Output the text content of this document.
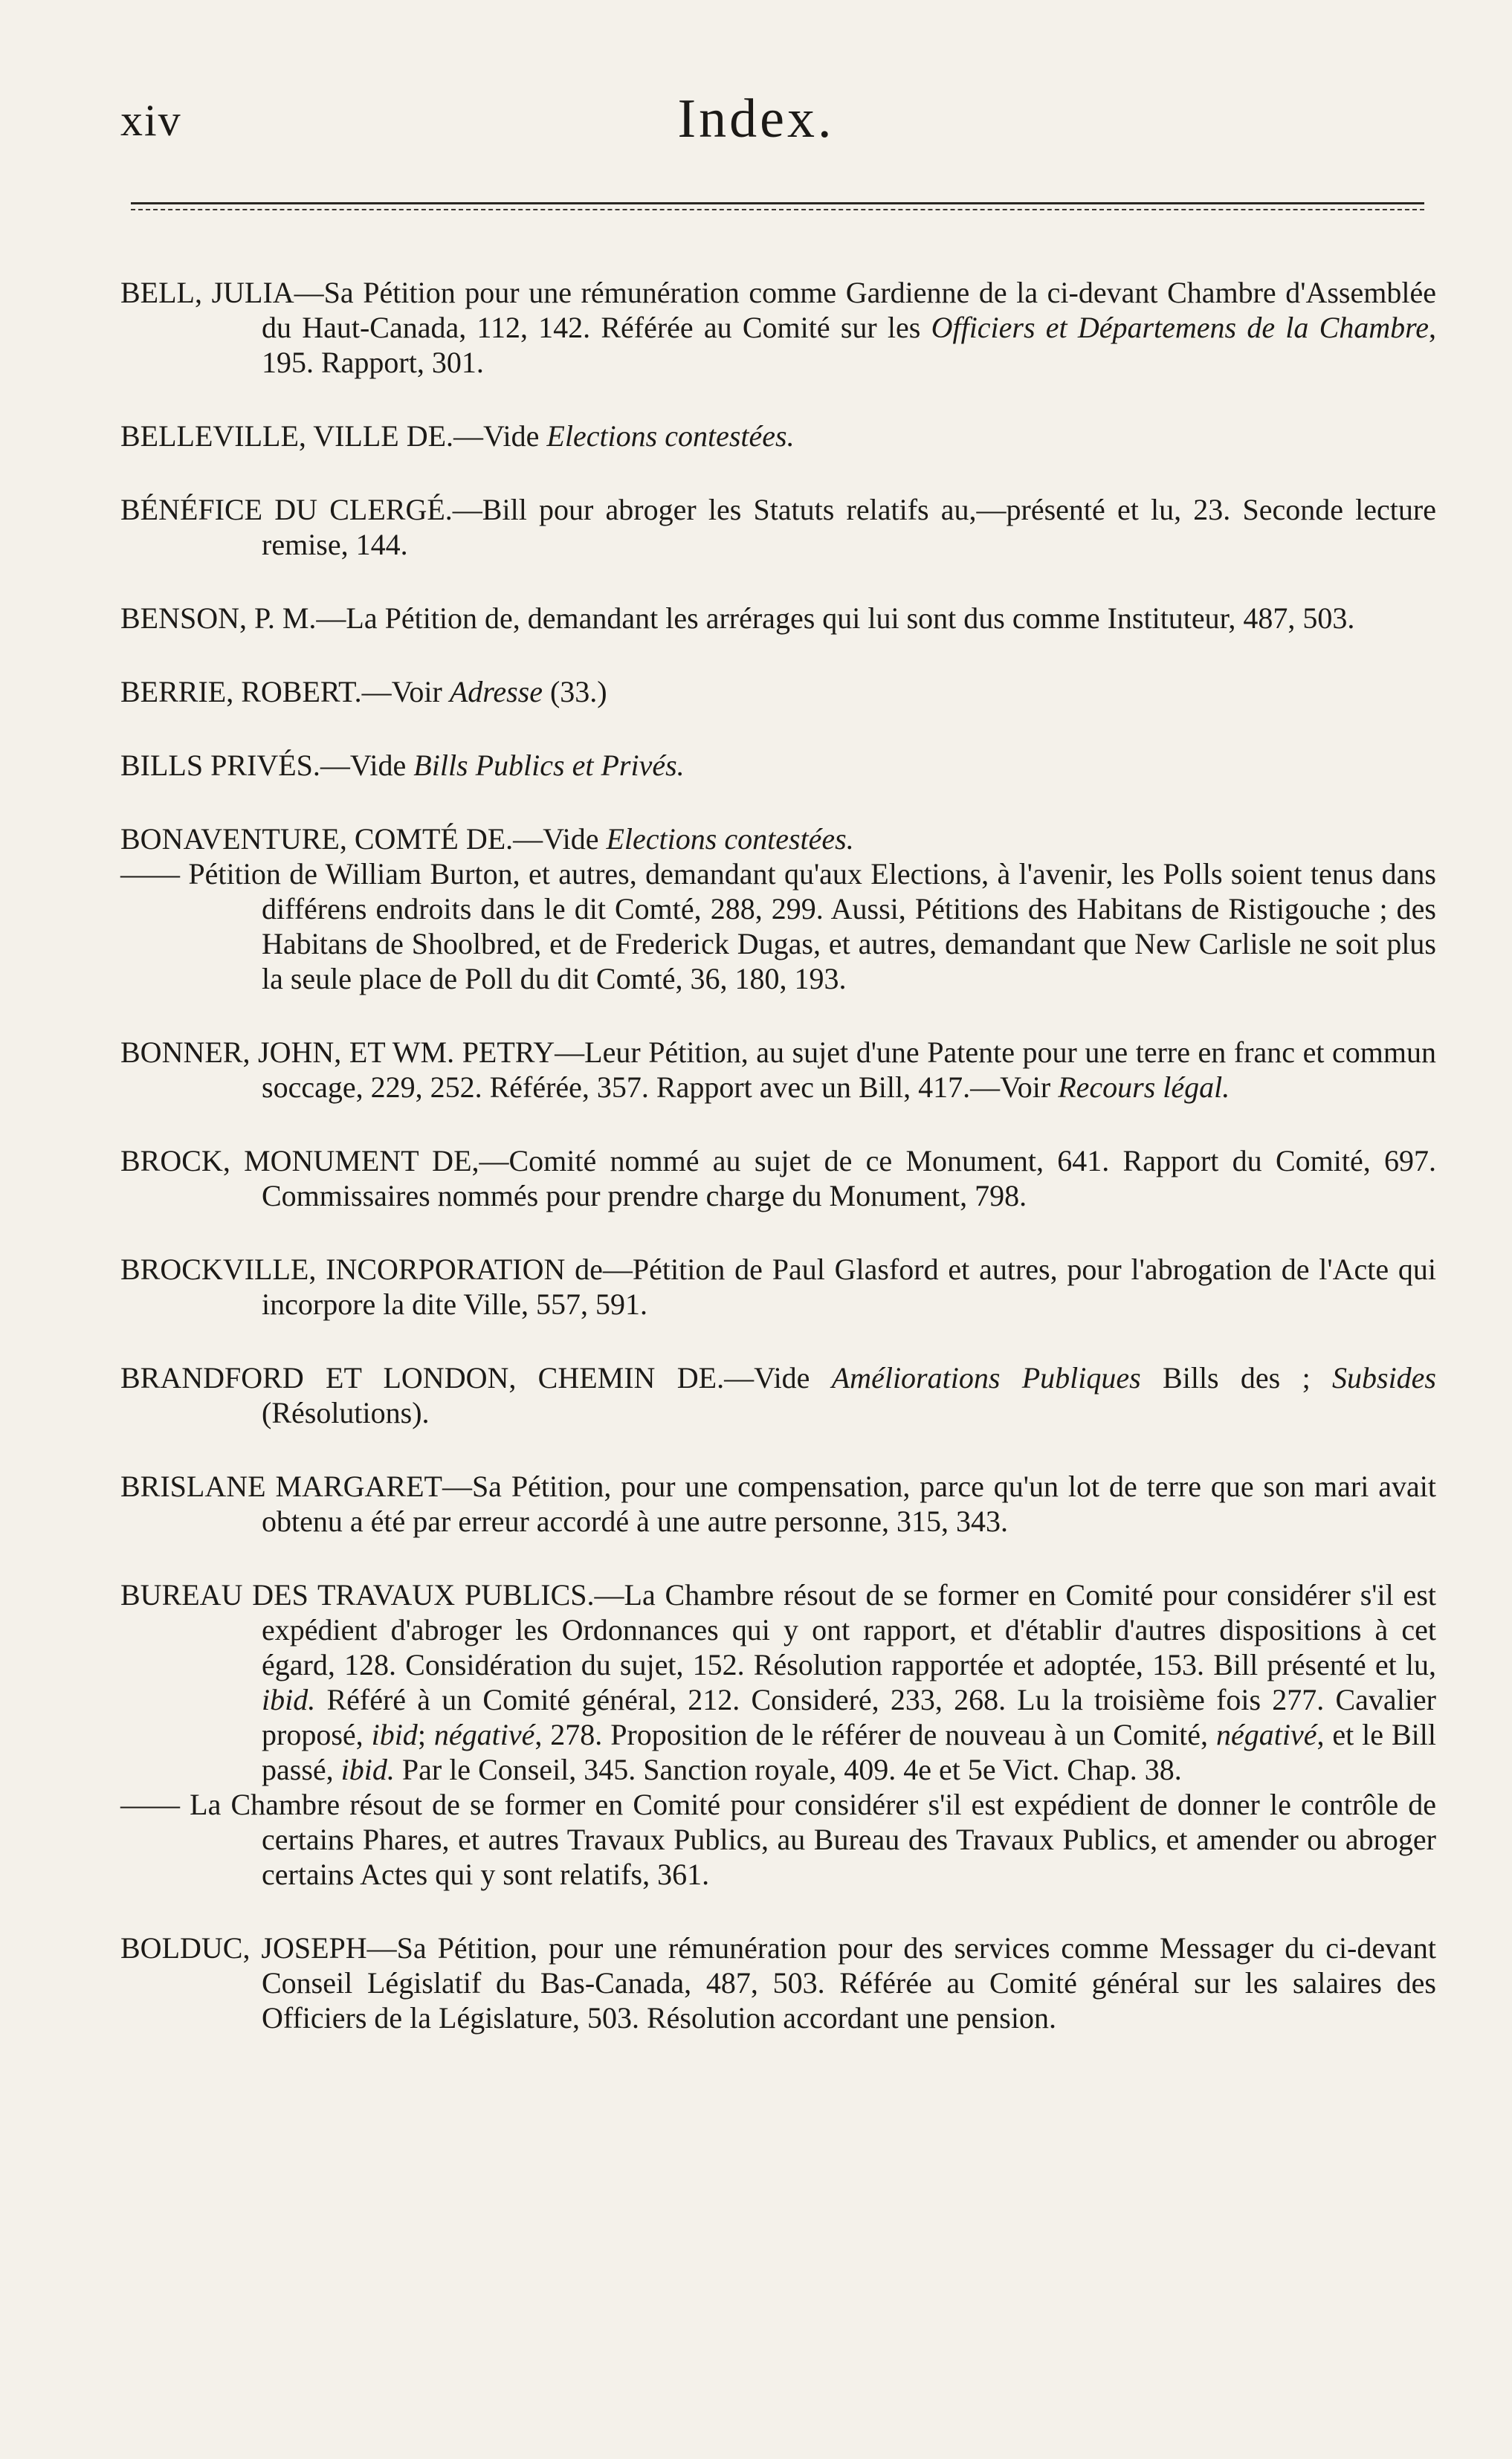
xiv	Index.

BELL, JULIA—Sa Pétition pour une rémunération comme Gardienne de la ci-devant Chambre d'Assemblée du Haut-Canada, 112, 142. Référée au Comité sur les Officiers et Départemens de la Chambre, 195. Rapport, 301.

BELLEVILLE, VILLE DE.—Vide Elections contestées.

BÉNÉFICE DU CLERGÉ.—Bill pour abroger les Statuts relatifs au,—présenté et lu, 23. Seconde lecture remise, 144.

BENSON, P. M.—La Pétition de, demandant les arrérages qui lui sont dus comme Instituteur, 487, 503.

BERRIE, ROBERT.—Voir Adresse (33.)

BILLS PRIVÉS.—Vide Bills Publics et Privés.

BONAVENTURE, COMTÉ DE.—Vide Elections contestées.

—— Pétition de William Burton, et autres, demandant qu'aux Elections, à l'avenir, les Polls soient tenus dans différens endroits dans le dit Comté, 288, 299. Aussi, Pétitions des Habitans de Ristigouche ; des Habitans de Shoolbred, et de Frederick Dugas, et autres, demandant que New Carlisle ne soit plus la seule place de Poll du dit Comté, 36, 180, 193.

BONNER, JOHN, ET WM. PETRY—Leur Pétition, au sujet d'une Patente pour une terre en franc et commun soccage, 229, 252. Référée, 357. Rapport avec un Bill, 417.—Voir Recours légal.

BROCK, MONUMENT DE,—Comité nommé au sujet de ce Monument, 641. Rapport du Comité, 697. Commissaires nommés pour prendre charge du Monument, 798.

BROCKVILLE, INCORPORATION de—Pétition de Paul Glasford et autres, pour l'abrogation de l'Acte qui incorpore la dite Ville, 557, 591.

BRANDFORD ET LONDON, CHEMIN DE.—Vide Améliorations Publiques Bills des ; Subsides (Résolutions).

BRISLANE MARGARET—Sa Pétition, pour une compensation, parce qu'un lot de terre que son mari avait obtenu a été par erreur accordé à une autre personne, 315, 343.

BUREAU DES TRAVAUX PUBLICS.—La Chambre résout de se former en Comité pour considérer s'il est expédient d'abroger les Ordonnances qui y ont rapport, et d'établir d'autres dispositions à cet égard, 128. Considération du sujet, 152. Résolution rapportée et adoptée, 153. Bill présenté et lu, ibid. Référé à un Comité général, 212. Consideré, 233, 268. Lu la troisième fois 277. Cavalier proposé, ibid; négativé, 278. Proposition de le référer de nouveau à un Comité, négativé, et le Bill passé, ibid. Par le Conseil, 345. Sanction royale, 409. 4e et 5e Vict. Chap. 38.

—— La Chambre résout de se former en Comité pour considérer s'il est expédient de donner le contrôle de certains Phares, et autres Travaux Publics, au Bureau des Travaux Publics, et amender ou abroger certains Actes qui y sont relatifs, 361.

BOLDUC, JOSEPH—Sa Pétition, pour une rémunération pour des services comme Messager du ci-devant Conseil Législatif du Bas-Canada, 487, 503. Référée au Comité général sur les salaires des Officiers de la Législature, 503. Résolution accordant une pension.
